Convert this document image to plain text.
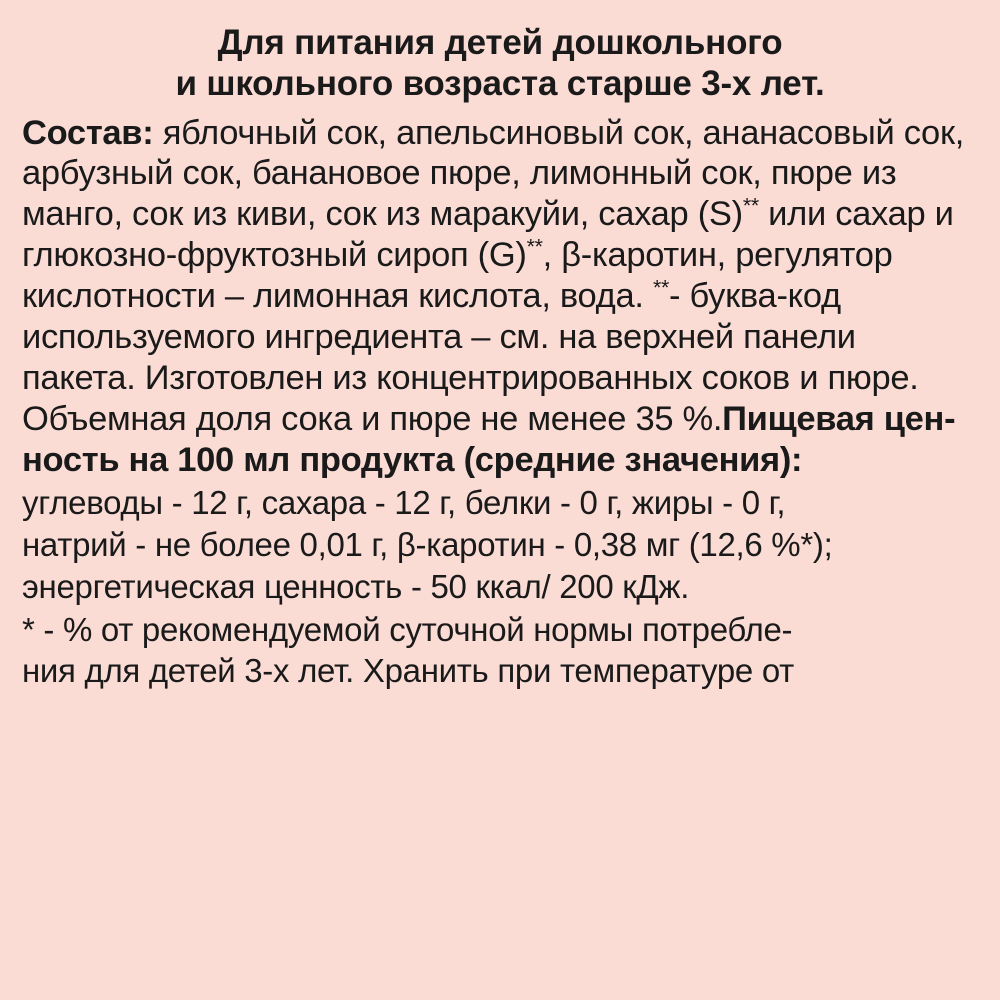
Для питания детей дошкольного
и школьного возраста старше 3-х лет.

Состав: яблочный сок, апельсиновый сок, ананасовый сок, арбузный сок, банановое пюре, лимонный сок, пюре из манго, сок из киви, сок из маракуйи, сахар (S)** или сахар и глюкозно-фруктозный сироп (G)**, β-каротин, регулятор кислотности – лимонная кислота, вода. **- буква-код используемого ингредиента – см. на верхней панели пакета. Изготовлен из концентрированных соков и пюре. Объемная доля сока и пюре не менее 35 %.Пищевая цен-

ность на 100 мл продукта (средние значения):

углеводы - 12 г, сахара - 12 г, белки - 0 г, жиры - 0 г,
натрий - не более 0,01 г, β-каротин - 0,38 мг (12,6 %*);
энергетическая ценность - 50 ккал/ 200 кДж.
* - % от рекомендуемой суточной нормы потребле-
ния для детей 3-х лет. Хранить при температуре от
